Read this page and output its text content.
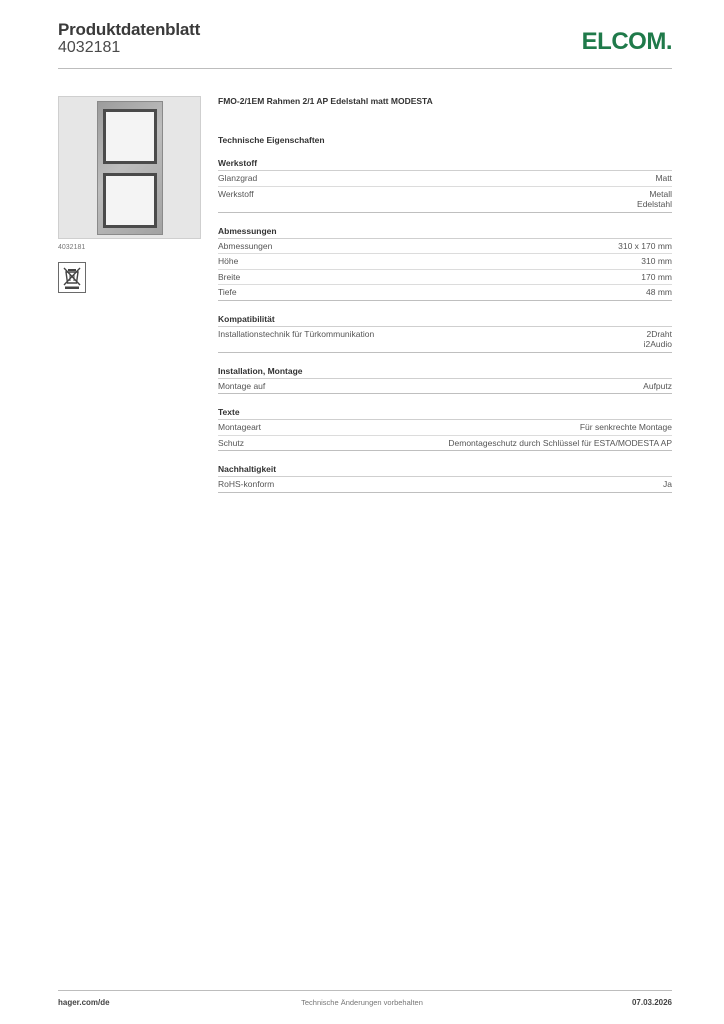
Produktdatenblatt
4032181	ELCOM.
4032181
FMO-2/1EM Rahmen 2/1 AP Edelstahl matt MODESTA
Technische Eigenschaften
Werkstoff
Glanzgrad	Matt
Werkstoff	Metall
Edelstahl
Abmessungen
Abmessungen	310 x 170 mm
Höhe	310 mm
Breite	170 mm
Tiefe	48 mm
Kompatibilität
Installationstechnik für Türkommunikation	2Draht
i2Audio
Installation, Montage
Montage auf	Aufputz
Texte
Montageart	Für senkrechte Montage
Schutz	Demontageschutz durch Schlüssel für ESTA/MODESTA AP
Nachhaltigkeit
RoHS-konform	Ja
hager.com/de	Technische Änderungen vorbehalten	07.03.2026
